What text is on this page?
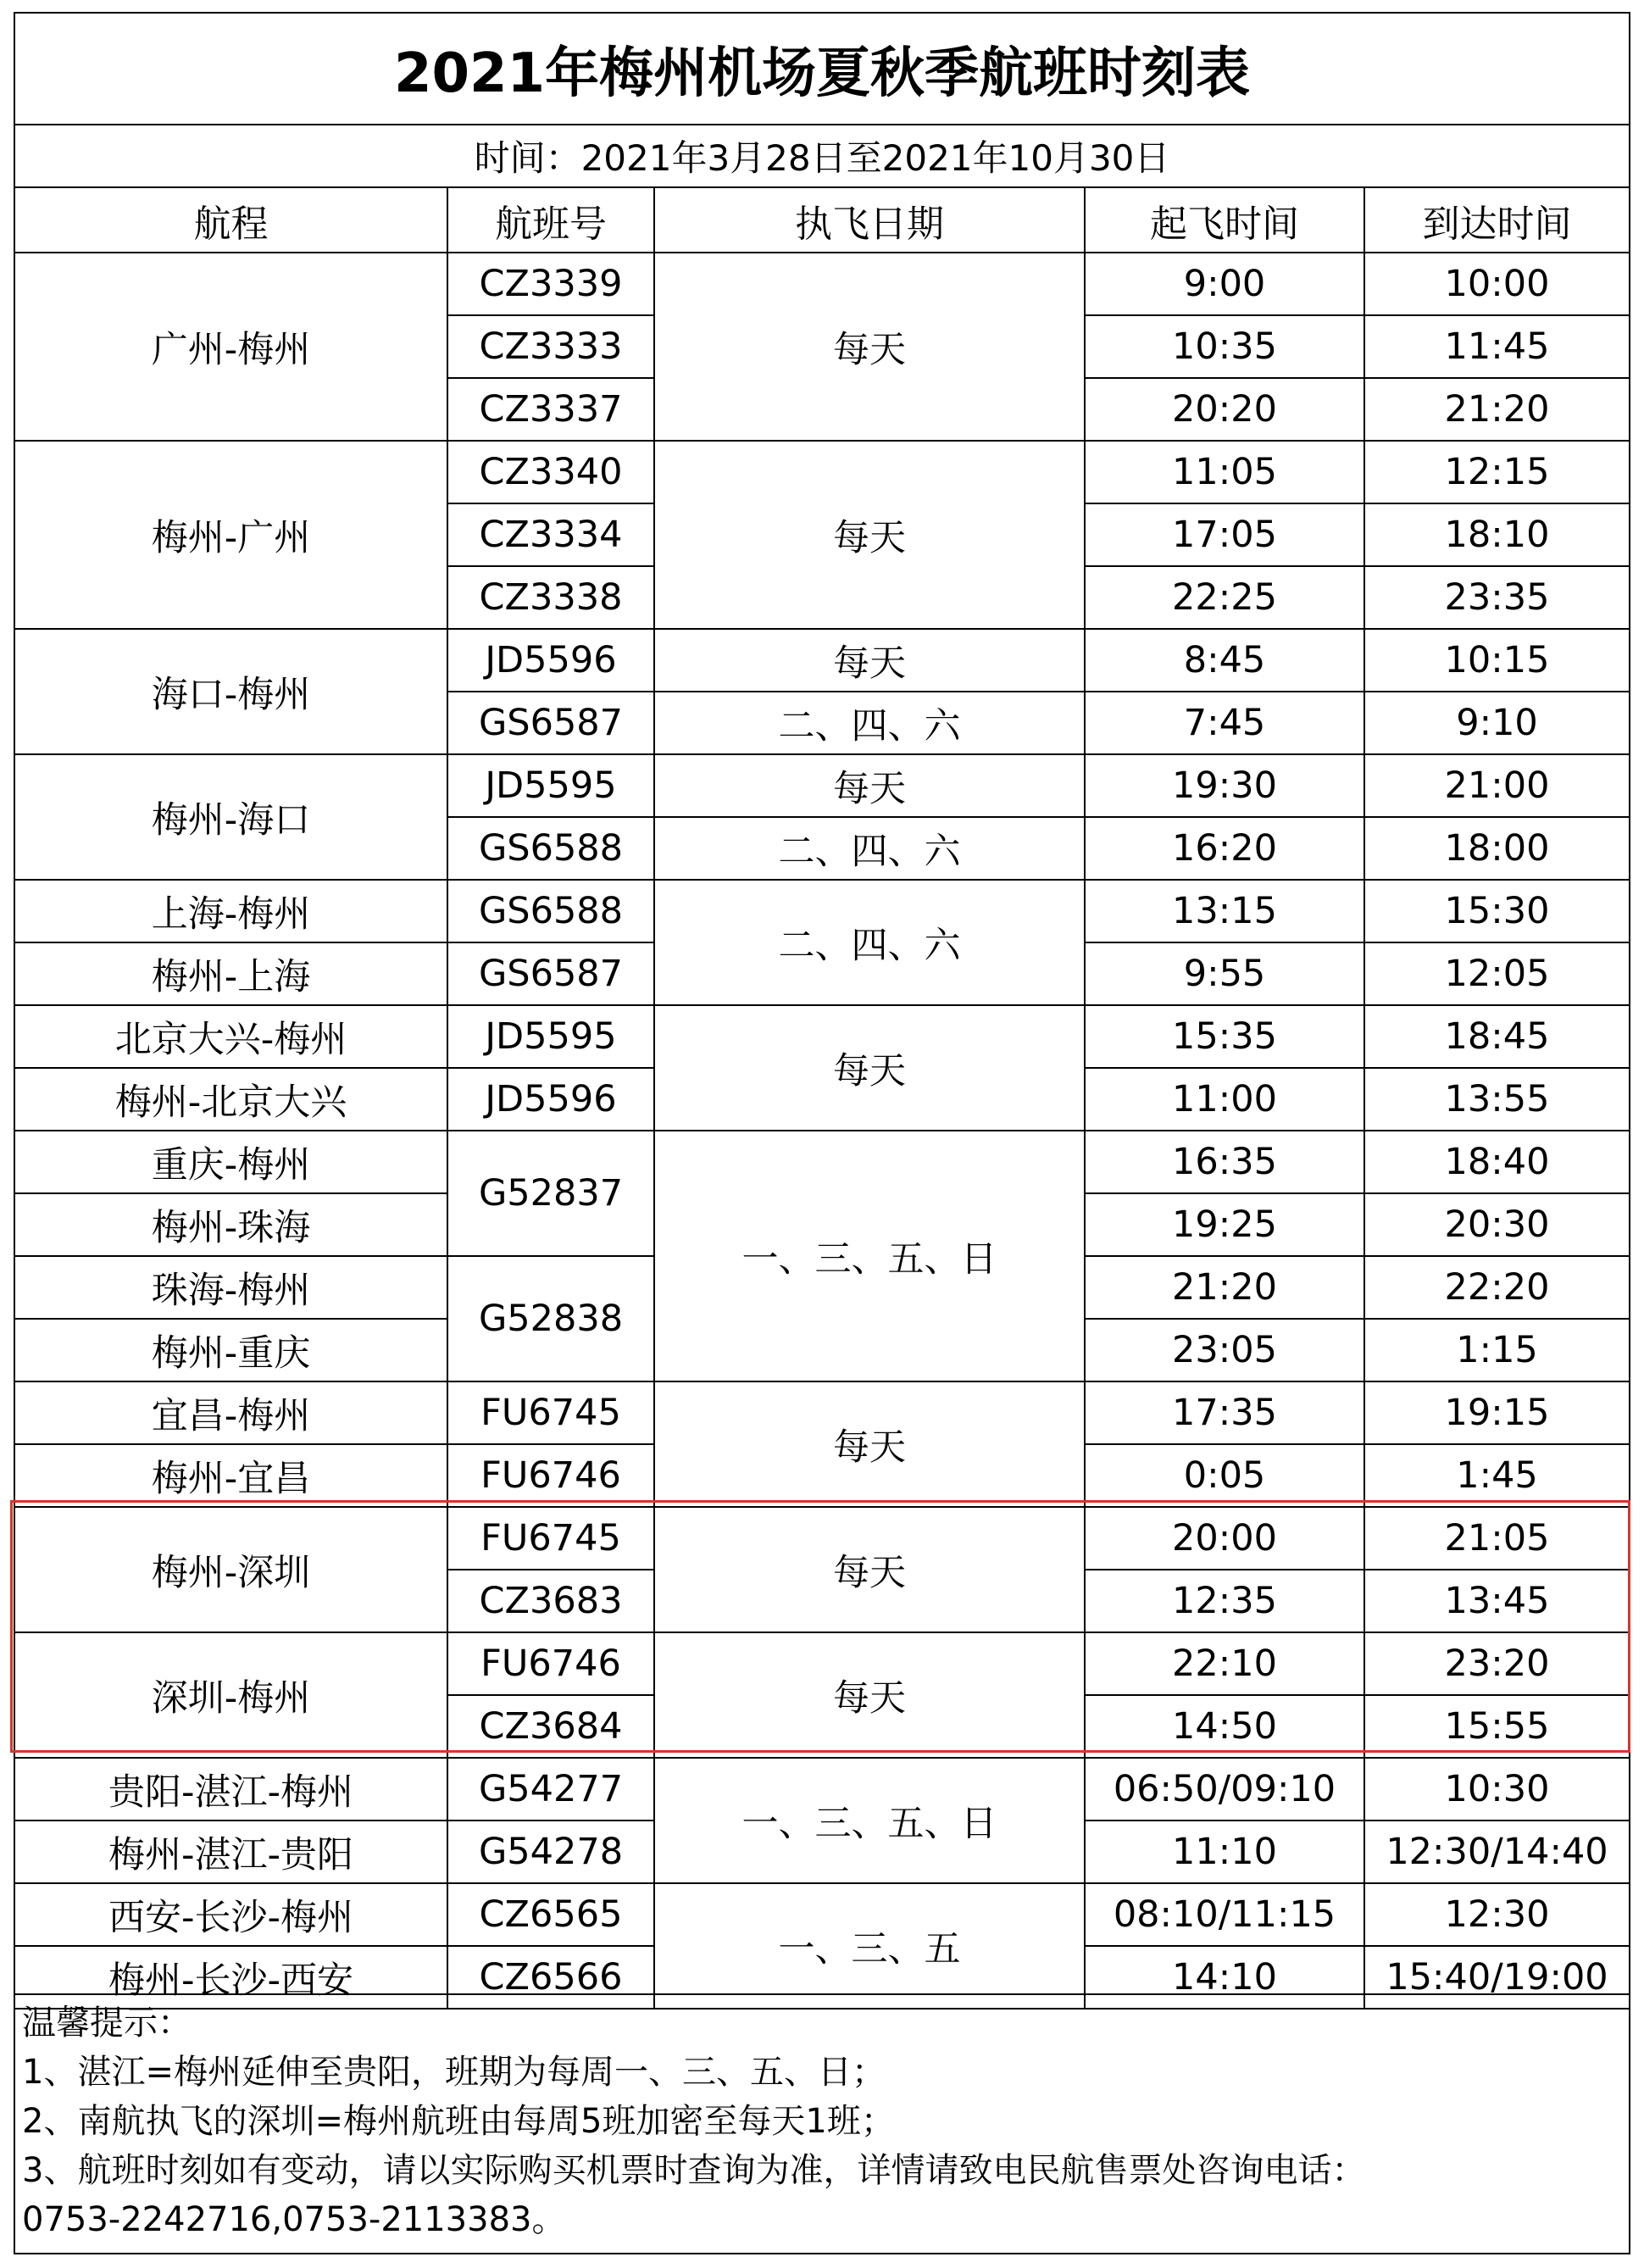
2021年梅州机场夏秋季航班时刻表
时间：2021年3月28日至2021年10月30日
航程	航班号	执飞日期	起飞时间	到达时间
广州-梅州	CZ3339	每天	9:00	10:00
	CZ3333		10:35	11:45
	CZ3337		20:20	21:20
梅州-广州	CZ3340	每天	11:05	12:15
	CZ3334		17:05	18:10
	CZ3338		22:25	23:35
海口-梅州	JD5596	每天	8:45	10:15
	GS6587	二、四、六	7:45	9:10
梅州-海口	JD5595	每天	19:30	21:00
	GS6588	二、四、六	16:20	18:00
上海-梅州	GS6588	二、四、六	13:15	15:30
梅州-上海	GS6587		9:55	12:05
北京大兴-梅州	JD5595	每天	15:35	18:45
梅州-北京大兴	JD5596		11:00	13:55
重庆-梅州	G52837	一、三、五、日	16:35	18:40
梅州-珠海			19:25	20:30
珠海-梅州	G52838		21:20	22:20
梅州-重庆			23:05	1:15
宜昌-梅州	FU6745	每天	17:35	19:15
梅州-宜昌	FU6746		0:05	1:45
梅州-深圳	FU6745	每天	20:00	21:05
	CZ3683		12:35	13:45
深圳-梅州	FU6746	每天	22:10	23:20
	CZ3684		14:50	15:55
贵阳-湛江-梅州	G54277	一、三、五、日	06:50/09:10	10:30
梅州-湛江-贵阳	G54278		11:10	12:30/14:40
西安-长沙-梅州	CZ6565	一、三、五	08:10/11:15	12:30
梅州-长沙-西安	CZ6566		14:10	15:40/19:00
温馨提示：
1、湛江=梅州延伸至贵阳，班期为每周一、三、五、日；
2、南航执飞的深圳=梅州航班由每周5班加密至每天1班；
3、航班时刻如有变动，请以实际购买机票时查询为准，详情请致电民航售票处咨询电话：
0753-2242716,0753-2113383。
